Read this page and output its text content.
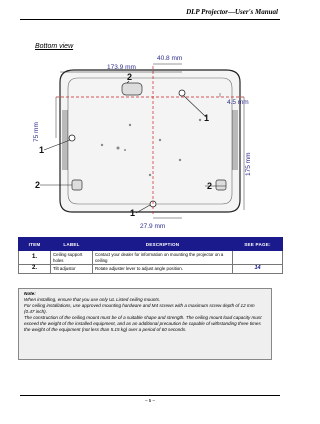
DLP Projector—User's Manual
Bottom view
173.9 mm
40.8 mm
4.5 mm
75 mm
175 mm
27.9 mm
2
1
1
2	2
1
ITEM	LABEL	DESCRIPTION	SEE PAGE:
1.	Ceiling support holes	Contact your dealer for information on mounting the projector on a ceiling	
2.	Tilt adjustor	Rotate adjuster lever to adjust angle position.	14

Note:

When installing, ensure that you use only UL Listed ceiling mounts.

For ceiling installations, use approved mounting hardware and M4 screws with a maximum screw depth of 12 mm (0.47 inch).

The construction of the ceiling mount must be of a suitable shape and strength. The ceiling mount load capacity must exceed the weight of the installed equipment, and as an additional precaution be capable of withstanding three times the weight of the equipment (not less than 5.15 kg) over a period of 60 seconds.

– 5 –
